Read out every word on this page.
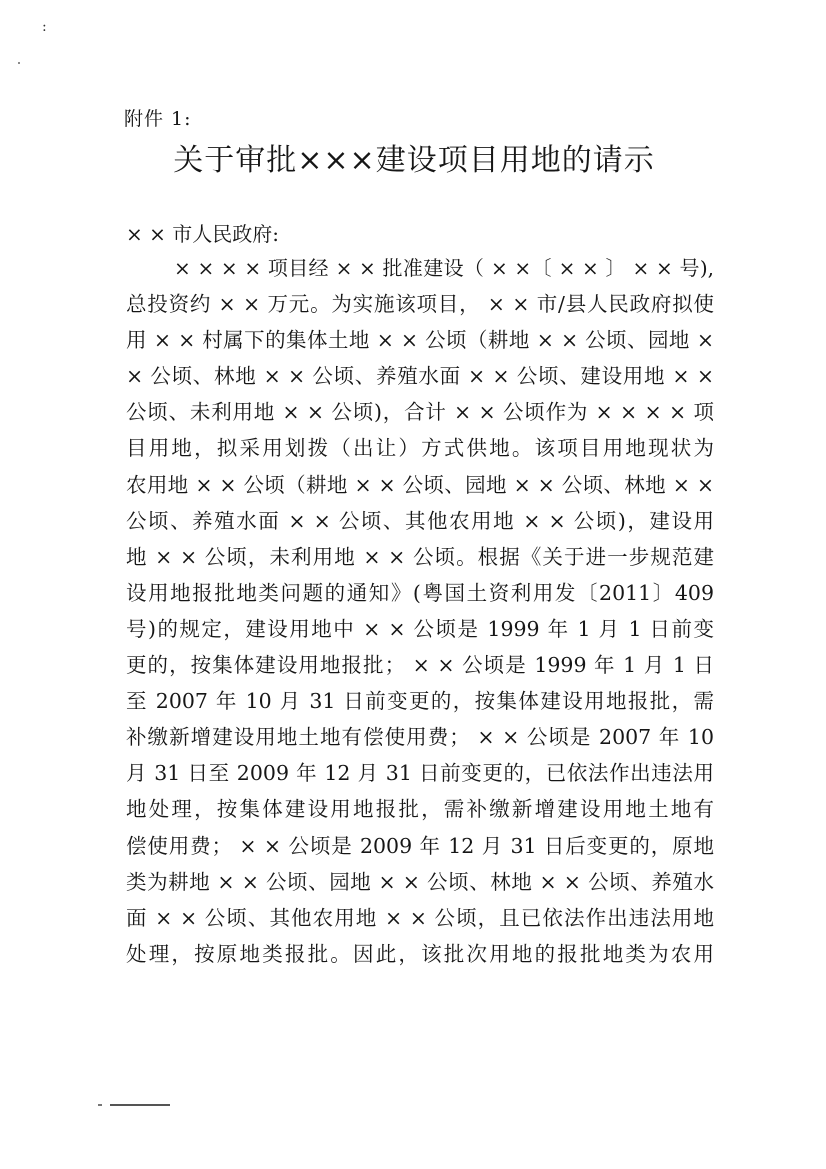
:
附件 1:
关于审批×××建设项目用地的请示
× × 市人民政府:
× × × × 项目经 × × 批准建设（ × ×〔 × × 〕 × × 号),
总投资约 × × 万元。为实施该项目， × × 市/县人民政府拟使
用 × × 村属下的集体土地 × × 公顷（耕地 × × 公顷、园地 ×
× 公顷、林地 × × 公顷、养殖水面 × × 公顷、建设用地 × ×
公顷、未利用地 × × 公顷)，合计 × × 公顷作为 × × × × 项
目用地，拟采用划拨（出让）方式供地。该项目用地现状为
农用地 × × 公顷（耕地 × × 公顷、园地 × × 公顷、林地 × ×
公顷、养殖水面 × × 公顷、其他农用地 × × 公顷)，建设用
地 × × 公顷，未利用地 × × 公顷。根据《关于进一步规范建
设用地报批地类问题的通知》(粤国土资利用发〔2011〕409
号)的规定，建设用地中 × × 公顷是 1999 年 1 月 1 日前变
更的，按集体建设用地报批； × × 公顷是 1999 年 1 月 1 日
至 2007 年 10 月 31 日前变更的，按集体建设用地报批，需
补缴新增建设用地土地有偿使用费； × × 公顷是 2007 年 10
月 31 日至 2009 年 12 月 31 日前变更的，已依法作出违法用
地处理，按集体建设用地报批，需补缴新增建设用地土地有
偿使用费； × × 公顷是 2009 年 12 月 31 日后变更的，原地
类为耕地 × × 公顷、园地 × × 公顷、林地 × × 公顷、养殖水
面 × × 公顷、其他农用地 × × 公顷，且已依法作出违法用地
处理，按原地类报批。因此，该批次用地的报批地类为农用
